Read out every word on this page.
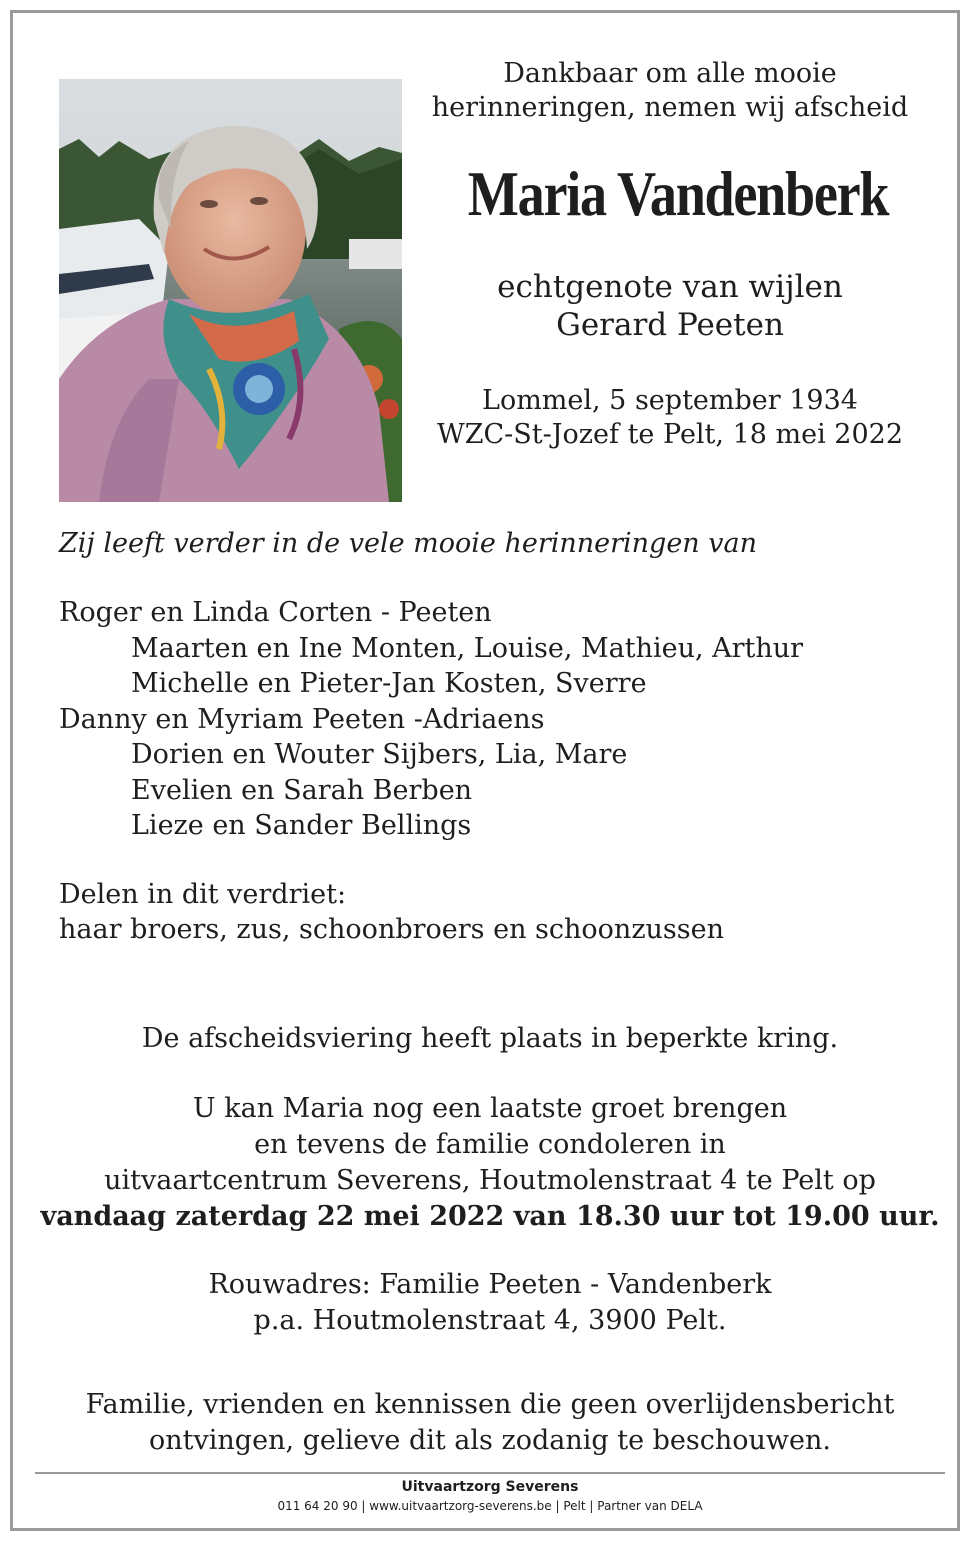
Dankbaar om alle mooie
herinneringen, nemen wij afscheid
Maria Vandenberk
echtgenote van wijlen
Gerard Peeten
Lommel, 5 september 1934
WZC-St-Jozef te Pelt, 18 mei 2022
Zij leeft verder in de vele mooie herinneringen van
Roger en Linda Corten - Peeten
Maarten en Ine Monten, Louise, Mathieu, Arthur
Michelle en Pieter-Jan Kosten, Sverre
Danny en Myriam Peeten -Adriaens
Dorien en Wouter Sijbers, Lia, Mare
Evelien en Sarah Berben
Lieze en Sander Bellings
Delen in dit verdriet:
haar broers, zus, schoonbroers en schoonzussen
De afscheidsviering heeft plaats in beperkte kring.
U kan Maria nog een laatste groet brengen
en tevens de familie condoleren in
uitvaartcentrum Severens, Houtmolenstraat 4 te Pelt op
vandaag zaterdag 22 mei 2022 van 18.30 uur tot 19.00 uur.
Rouwadres: Familie Peeten - Vandenberk
p.a. Houtmolenstraat 4, 3900 Pelt.
Familie, vrienden en kennissen die geen overlijdensbericht
ontvingen, gelieve dit als zodanig te beschouwen.
Uitvaartzorg Severens
011 64 20 90 | www.uitvaartzorg-severens.be | Pelt | Partner van DELA
